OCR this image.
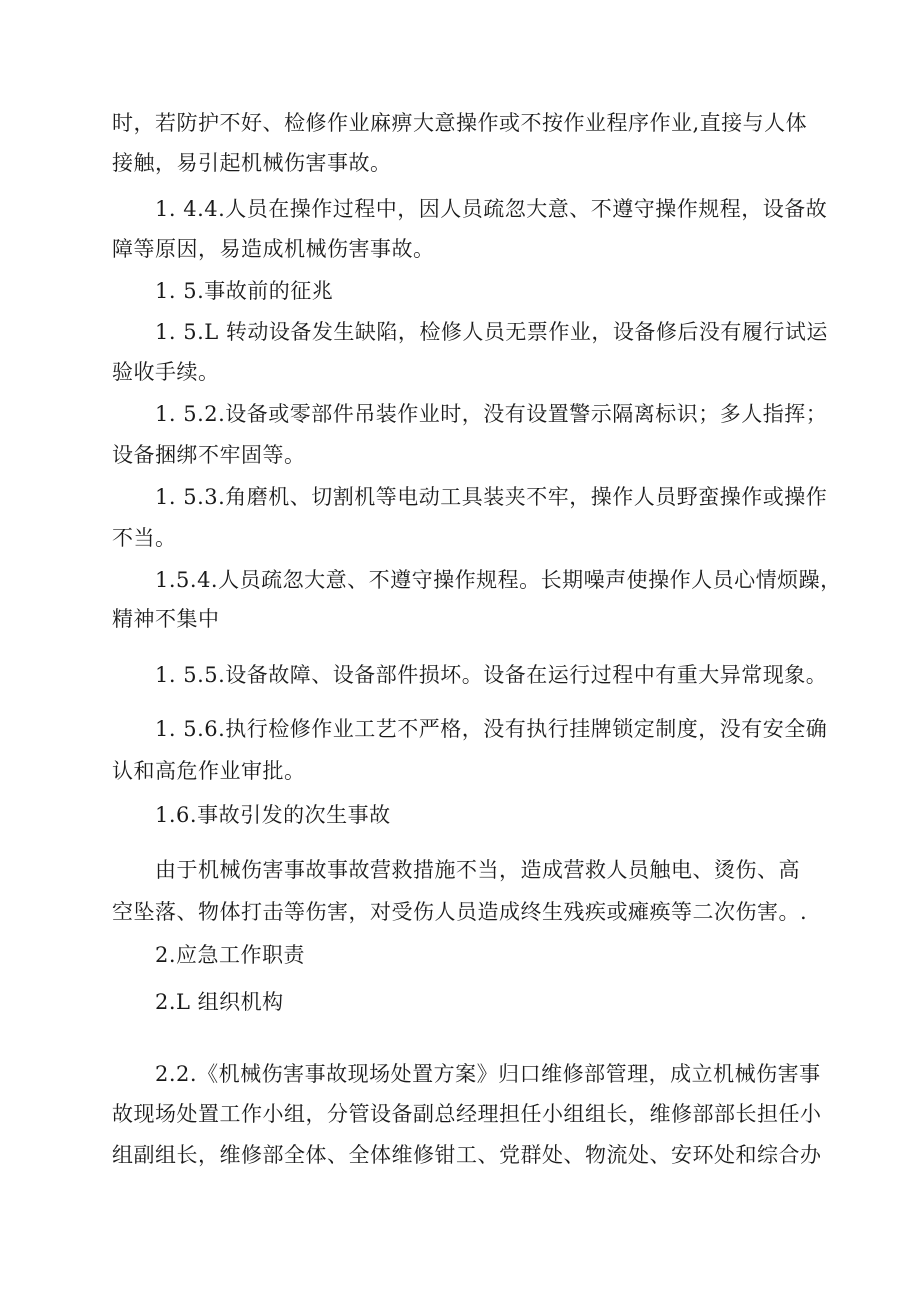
时，若防护不好、检修作业麻痹大意操作或不按作业程序作业,直接与人体
接触，易引起机械伤害事故。
1. 4.4.人员在操作过程中，因人员疏忽大意、不遵守操作规程，设备故
障等原因，易造成机械伤害事故。
1. 5.事故前的征兆
1. 5.L 转动设备发生缺陷，检修人员无票作业，设备修后没有履行试运
验收手续。
1. 5.2.设备或零部件吊装作业时，没有设置警示隔离标识；多人指挥；
设备捆绑不牢固等。
1. 5.3.角磨机、切割机等电动工具装夹不牢，操作人员野蛮操作或操作
不当。
1.5.4.人员疏忽大意、不遵守操作规程。长期噪声使操作人员心情烦躁，
精神不集中
1. 5.5.设备故障、设备部件损坏。设备在运行过程中有重大异常现象。
1. 5.6.执行检修作业工艺不严格，没有执行挂牌锁定制度，没有安全确
认和高危作业审批。
1.6.事故引发的次生事故
由于机械伤害事故事故营救措施不当，造成营救人员触电、烫伤、高
空坠落、物体打击等伤害，对受伤人员造成终生残疾或瘫痪等二次伤害。.
2.应急工作职责
2.L 组织机构
2.2.《机械伤害事故现场处置方案》归口维修部管理，成立机械伤害事
故现场处置工作小组，分管设备副总经理担任小组组长，维修部部长担任小
组副组长，维修部全体、全体维修钳工、党群处、物流处、安环处和综合办
